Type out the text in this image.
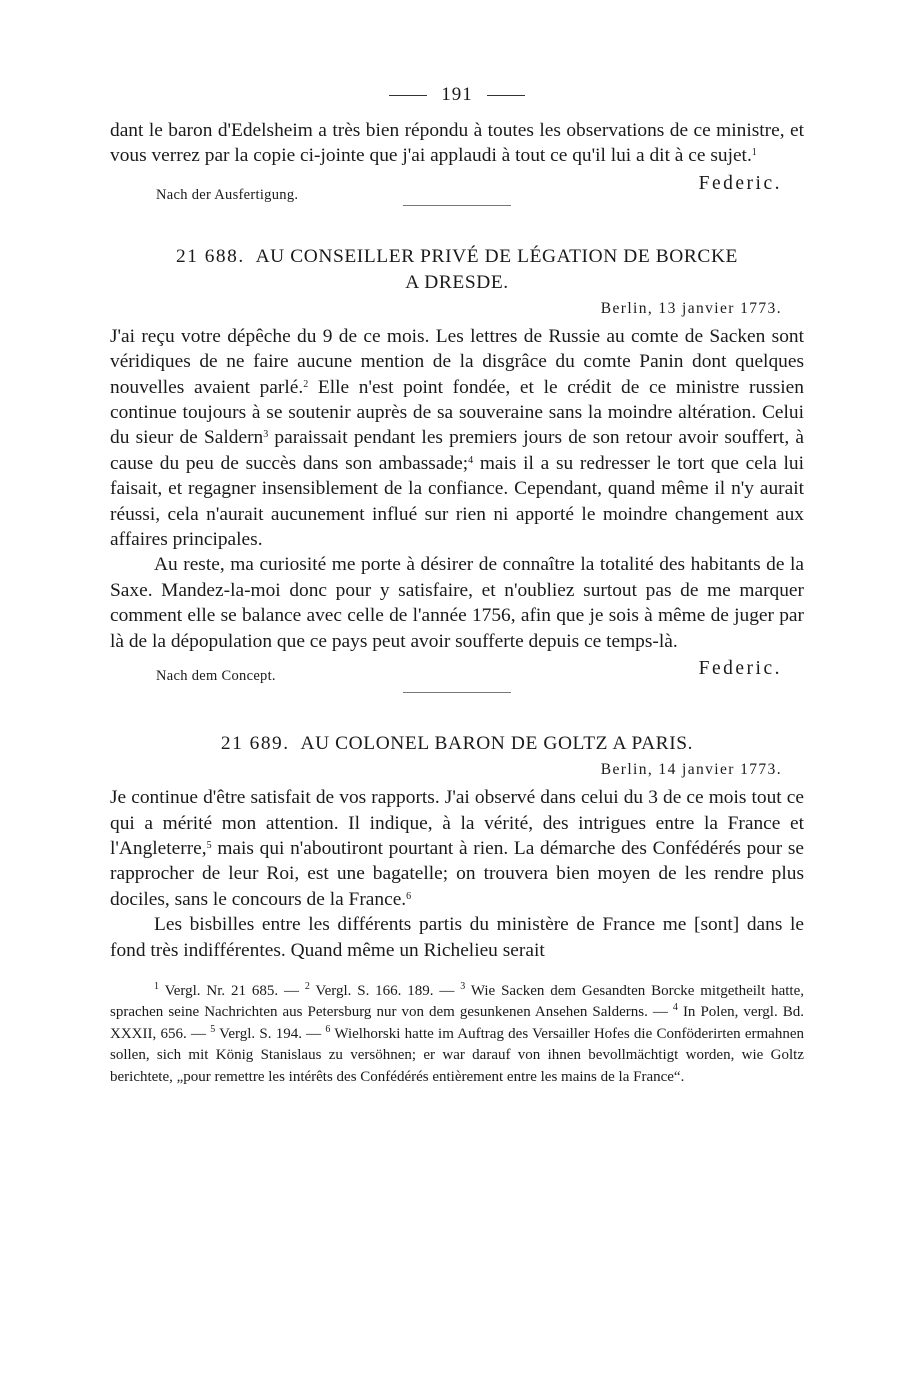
191

dant le baron d'Edelsheim a très bien répondu à toutes les observations de ce ministre, et vous verrez par la copie ci-jointe que j'ai applaudi à tout ce qu'il lui a dit à ce sujet.$^1$

Nach der Ausfertigung.
Federic.
21 688. AU CONSEILLER PRIVÉ DE LÉGATION DE BORCKE
A DRESDE.
Berlin, 13 janvier 1773.

J'ai reçu votre dépêche du 9 de ce mois. Les lettres de Russie au comte de Sacken sont véridiques de ne faire aucune mention de la disgrâce du comte Panin dont quelques nouvelles avaient parlé.$^2$ Elle n'est point fondée, et le crédit de ce ministre russien continue toujours à se soutenir auprès de sa souveraine sans la moindre altération. Celui du sieur de Saldern$^3$ paraissait pendant les premiers jours de son retour avoir souffert, à cause du peu de succès dans son ambassade;$^4$ mais il a su redresser le tort que cela lui faisait, et regagner insensiblement de la confiance. Cependant, quand même il n'y aurait réussi, cela n'aurait aucunement influé sur rien ni apporté le moindre changement aux affaires principales.

Au reste, ma curiosité me porte à désirer de connaître la totalité des habitants de la Saxe. Mandez-la-moi donc pour y satisfaire, et n'oubliez surtout pas de me marquer comment elle se balance avec celle de l'année 1756, afin que je sois à même de juger par là de la dépopulation que ce pays peut avoir soufferte depuis ce temps-là.

Nach dem Concept.	Federic.
21 689. AU COLONEL BARON DE GOLTZ A PARIS.
Berlin, 14 janvier 1773.

Je continue d'être satisfait de vos rapports. J'ai observé dans celui du 3 de ce mois tout ce qui a mérité mon attention. Il indique, à la vérité, des intrigues entre la France et l'Angleterre,$^5$ mais qui n'aboutiront pourtant à rien. La démarche des Confédérés pour se rapprocher de leur Roi, est une bagatelle; on trouvera bien moyen de les rendre plus dociles, sans le concours de la France.$^6$

Les bisbilles entre les différents partis du ministère de France me [sont] dans le fond très indifférentes. Quand même un Richelieu serait

$^1$ Vergl. Nr. 21 685. — $^2$ Vergl. S. 166. 189. — $^3$ Wie Sacken dem Gesandten Borcke mitgetheilt hatte, sprachen seine Nachrichten aus Petersburg nur von dem gesunkenen Ansehen Salderns. — $^4$ In Polen, vergl. Bd. XXXII, 656. — $^5$ Vergl. S. 194. — $^6$ Wielhorski hatte im Auftrag des Versailler Hofes die Conföderirten ermahnen sollen, sich mit König Stanislaus zu versöhnen; er war darauf von ihnen bevollmächtigt worden, wie Goltz berichtete, „pour remettre les intérêts des Confédérés entièrement entre les mains de la France“.
